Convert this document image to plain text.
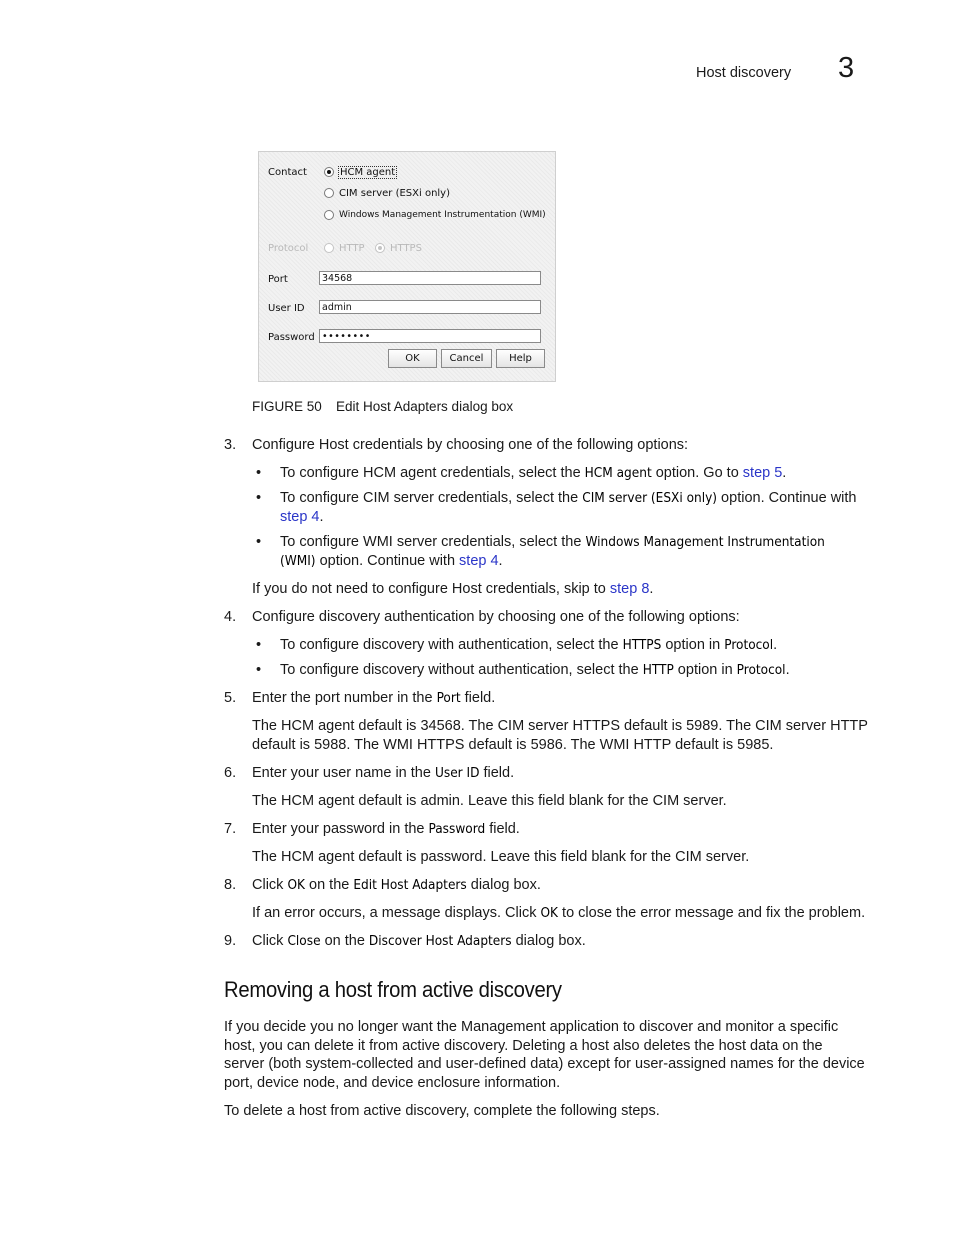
Host discovery 3
Contact	HCM agent
CIM server (ESXi only)
Windows Management Instrumentation (WMI)
Protocol	HTTP	HTTPS
Port	34568
User ID	admin
Password ••••••••
OK	Cancel	Help
FIGURE 50 Edit Host Adapters dialog box
3. Configure Host credentials by choosing one of the following options:
• To configure HCM agent credentials, select the HCM agent option. Go to step 5.
• To configure CIM server credentials, select the CIM server (ESXi only) option. Continue with
step 4.
• To configure WMI server credentials, select the Windows Management Instrumentation
(WMI) option. Continue with step 4.
If you do not need to configure Host credentials, skip to step 8.
4. Configure discovery authentication by choosing one of the following options:
• To configure discovery with authentication, select the HTTPS option in Protocol.
• To configure discovery without authentication, select the HTTP option in Protocol.
5. Enter the port number in the Port field.
The HCM agent default is 34568. The CIM server HTTPS default is 5989. The CIM server HTTP
default is 5988. The WMI HTTPS default is 5986. The WMI HTTP default is 5985.
6. Enter your user name in the User ID field.
The HCM agent default is admin. Leave this field blank for the CIM server.
7. Enter your password in the Password field.
The HCM agent default is password. Leave this field blank for the CIM server.
8. Click OK on the Edit Host Adapters dialog box.
If an error occurs, a message displays. Click OK to close the error message and fix the problem.
9. Click Close on the Discover Host Adapters dialog box.
Removing a host from active discovery
If you decide you no longer want the Management application to discover and monitor a specific
host, you can delete it from active discovery. Deleting a host also deletes the host data on the
server (both system-collected and user-defined data) except for user-assigned names for the device
port, device node, and device enclosure information.
To delete a host from active discovery, complete the following steps.
